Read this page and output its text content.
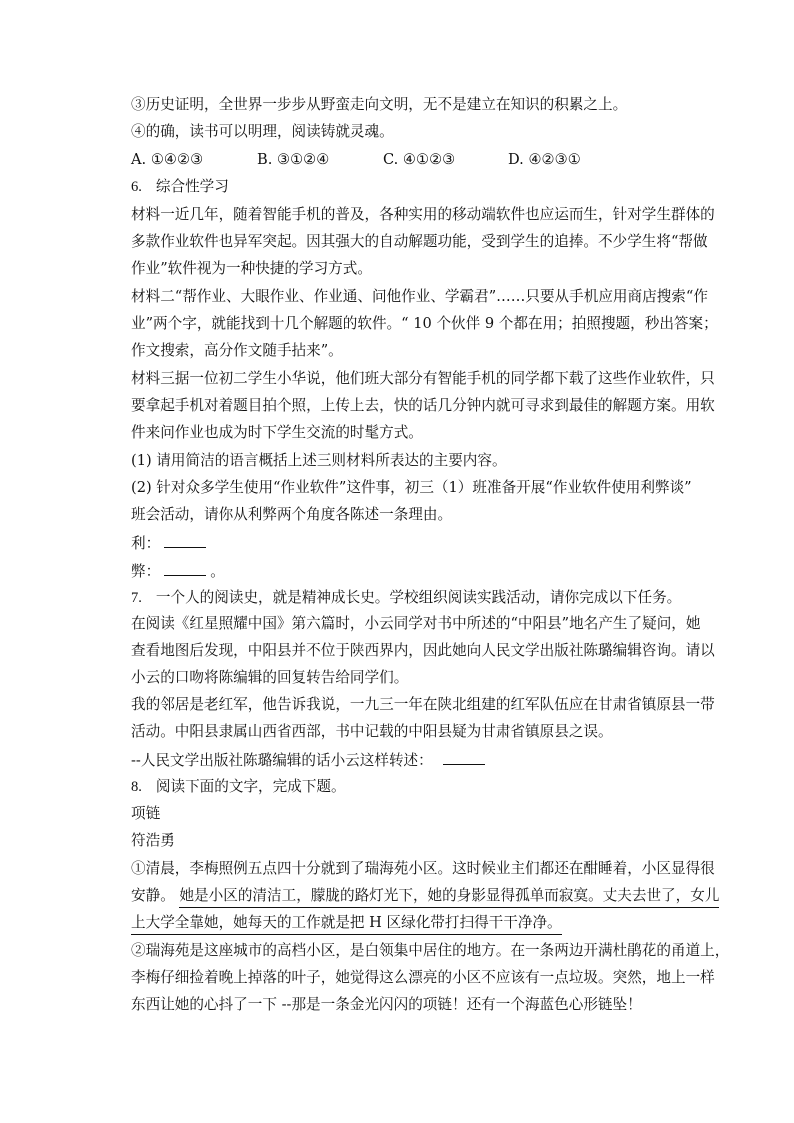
③历史证明，全世界一步步从野蛮走向文明，无不是建立在知识的积累之上。
④的确，读书可以明理，阅读铸就灵魂。
A. ①④②③	B. ③①②④	C. ④①②③	D. ④②③①
6. 综合性学习
材料一近几年，随着智能手机的普及，各种实用的移动端软件也应运而生，针对学生群体的
多款作业软件也异军突起。因其强大的自动解题功能，受到学生的追捧。不少学生将“帮做
作业”软件视为一种快捷的学习方式。
材料二“帮作业、大眼作业、作业通、问他作业、学霸君”……只要从手机应用商店搜索“作
业”两个字，就能找到十几个解题的软件。“ 10 个伙伴 9 个都在用；拍照搜题，秒出答案；
作文搜索，高分作文随手拈来”。
材料三据一位初二学生小华说，他们班大部分有智能手机的同学都下载了这些作业软件，只
要拿起手机对着题目拍个照，上传上去，快的话几分钟内就可寻求到最佳的解题方案。用软
件来问作业也成为时下学生交流的时髦方式。
(1) 请用简洁的语言概括上述三则材料所表达的主要内容。
(2) 针对众多学生使用“作业软件”这件事，初三（1）班准备开展“作业软件使用利弊谈”
班会活动，请你从利弊两个角度各陈述一条理由。
利：
弊：	。
7. 一个人的阅读史，就是精神成长史。学校组织阅读实践活动，请你完成以下任务。
在阅读《红星照耀中国》第六篇时，小云同学对书中所述的“中阳县”地名产生了疑问，她
查看地图后发现，中阳县并不位于陕西界内，因此她向人民文学出版社陈璐编辑咨询。请以
小云的口吻将陈编辑的回复转告给同学们。
我的邻居是老红军，他告诉我说，一九三一年在陕北组建的红军队伍应在甘肃省镇原县一带
活动。中阳县隶属山西省西部，书中记载的中阳县疑为甘肃省镇原县之误。
--人民文学出版社陈璐编辑的话小云这样转述：
8. 阅读下面的文字，完成下题。
项链
符浩勇
①清晨，李梅照例五点四十分就到了瑞海苑小区。这时候业主们都还在酣睡着，小区显得很
安静。 她是小区的清洁工，朦胧的路灯光下，她的身影显得孤单而寂寞。丈夫去世了，女儿
上大学全靠她，她每天的工作就是把 H 区绿化带打扫得干干净净。
②瑞海苑是这座城市的高档小区，是白领集中居住的地方。在一条两边开满杜鹃花的甬道上，
李梅仔细捡着晚上掉落的叶子，她觉得这么漂亮的小区不应该有一点垃圾。突然，地上一样
东西让她的心抖了一下 --那是一条金光闪闪的项链！还有一个海蓝色心形链坠！
